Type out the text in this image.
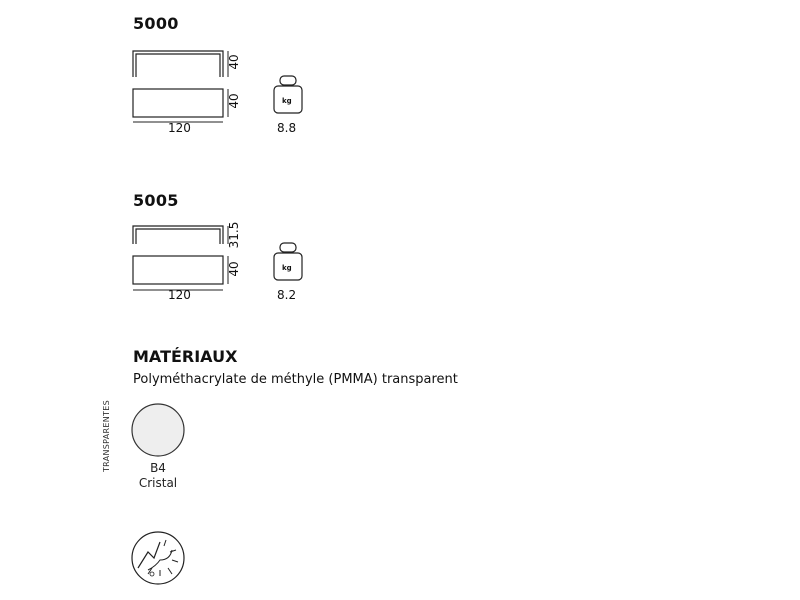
5000
40
40
120
kg
8.8
5005
31.5
40
120
kg
8.2
MATÉRIAUX
Polyméthacrylate de méthyle (PMMA) transparent
TRANSPARENTES	B4
Cristal
